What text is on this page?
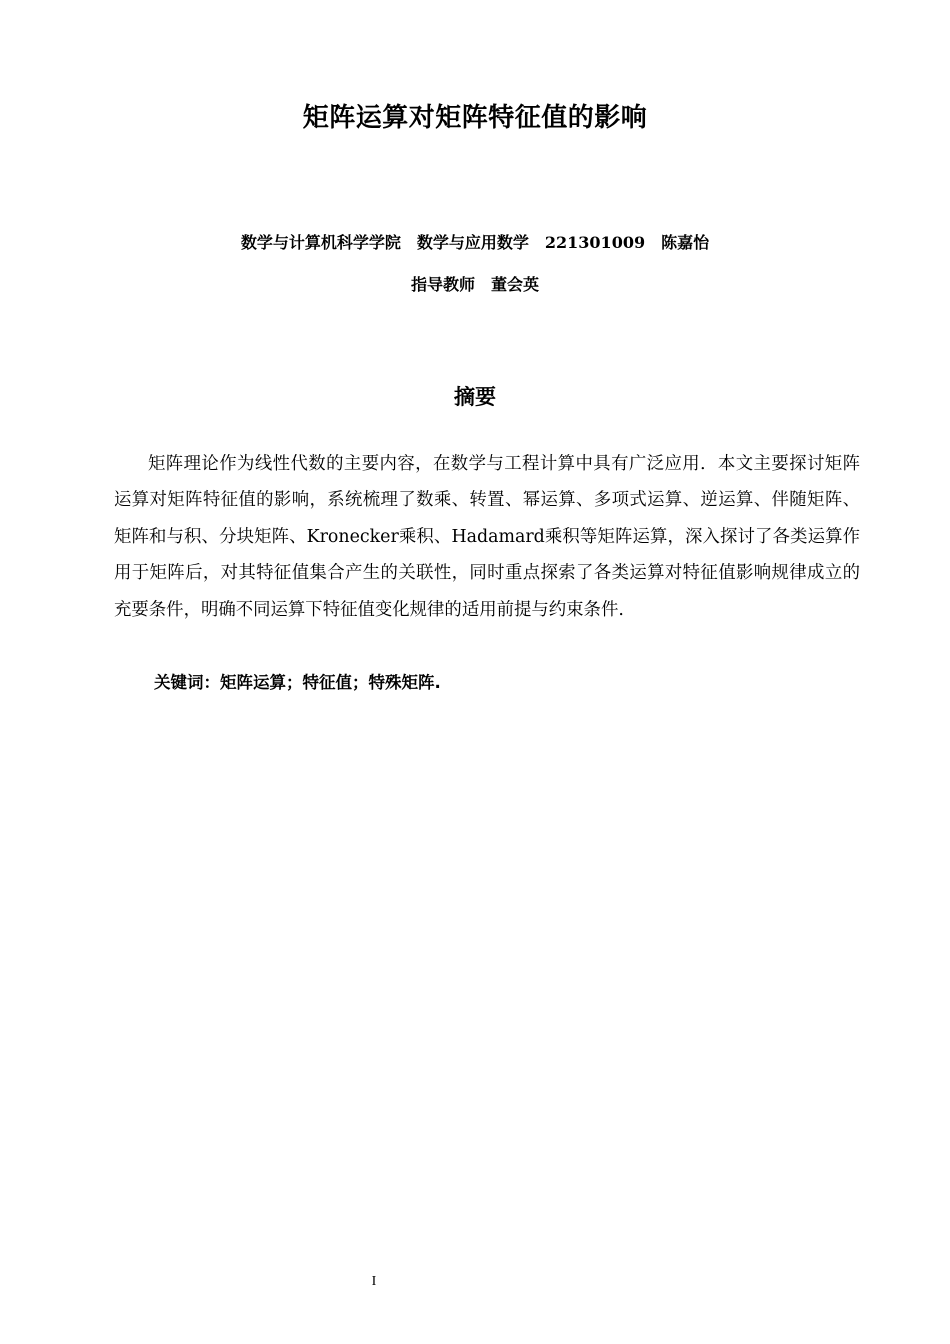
矩阵运算对矩阵特征值的影响
数学与计算机科学学院　数学与应用数学　221301009　陈嘉怡
指导教师　董会英
摘要

矩阵理论作为线性代数的主要内容，在数学与工程计算中具有广泛应用．本文主要探讨矩阵运算对矩阵特征值的影响，系统梳理了数乘、转置、幂运算、多项式运算、逆运算、伴随矩阵、矩阵和与积、分块矩阵、Kronecker乘积、Hadamard乘积等矩阵运算，深入探讨了各类运算作用于矩阵后，对其特征值集合产生的关联性，同时重点探索了各类运算对特征值影响规律成立的充要条件，明确不同运算下特征值变化规律的适用前提与约束条件.

关键词：矩阵运算；特征值；特殊矩阵.
I
